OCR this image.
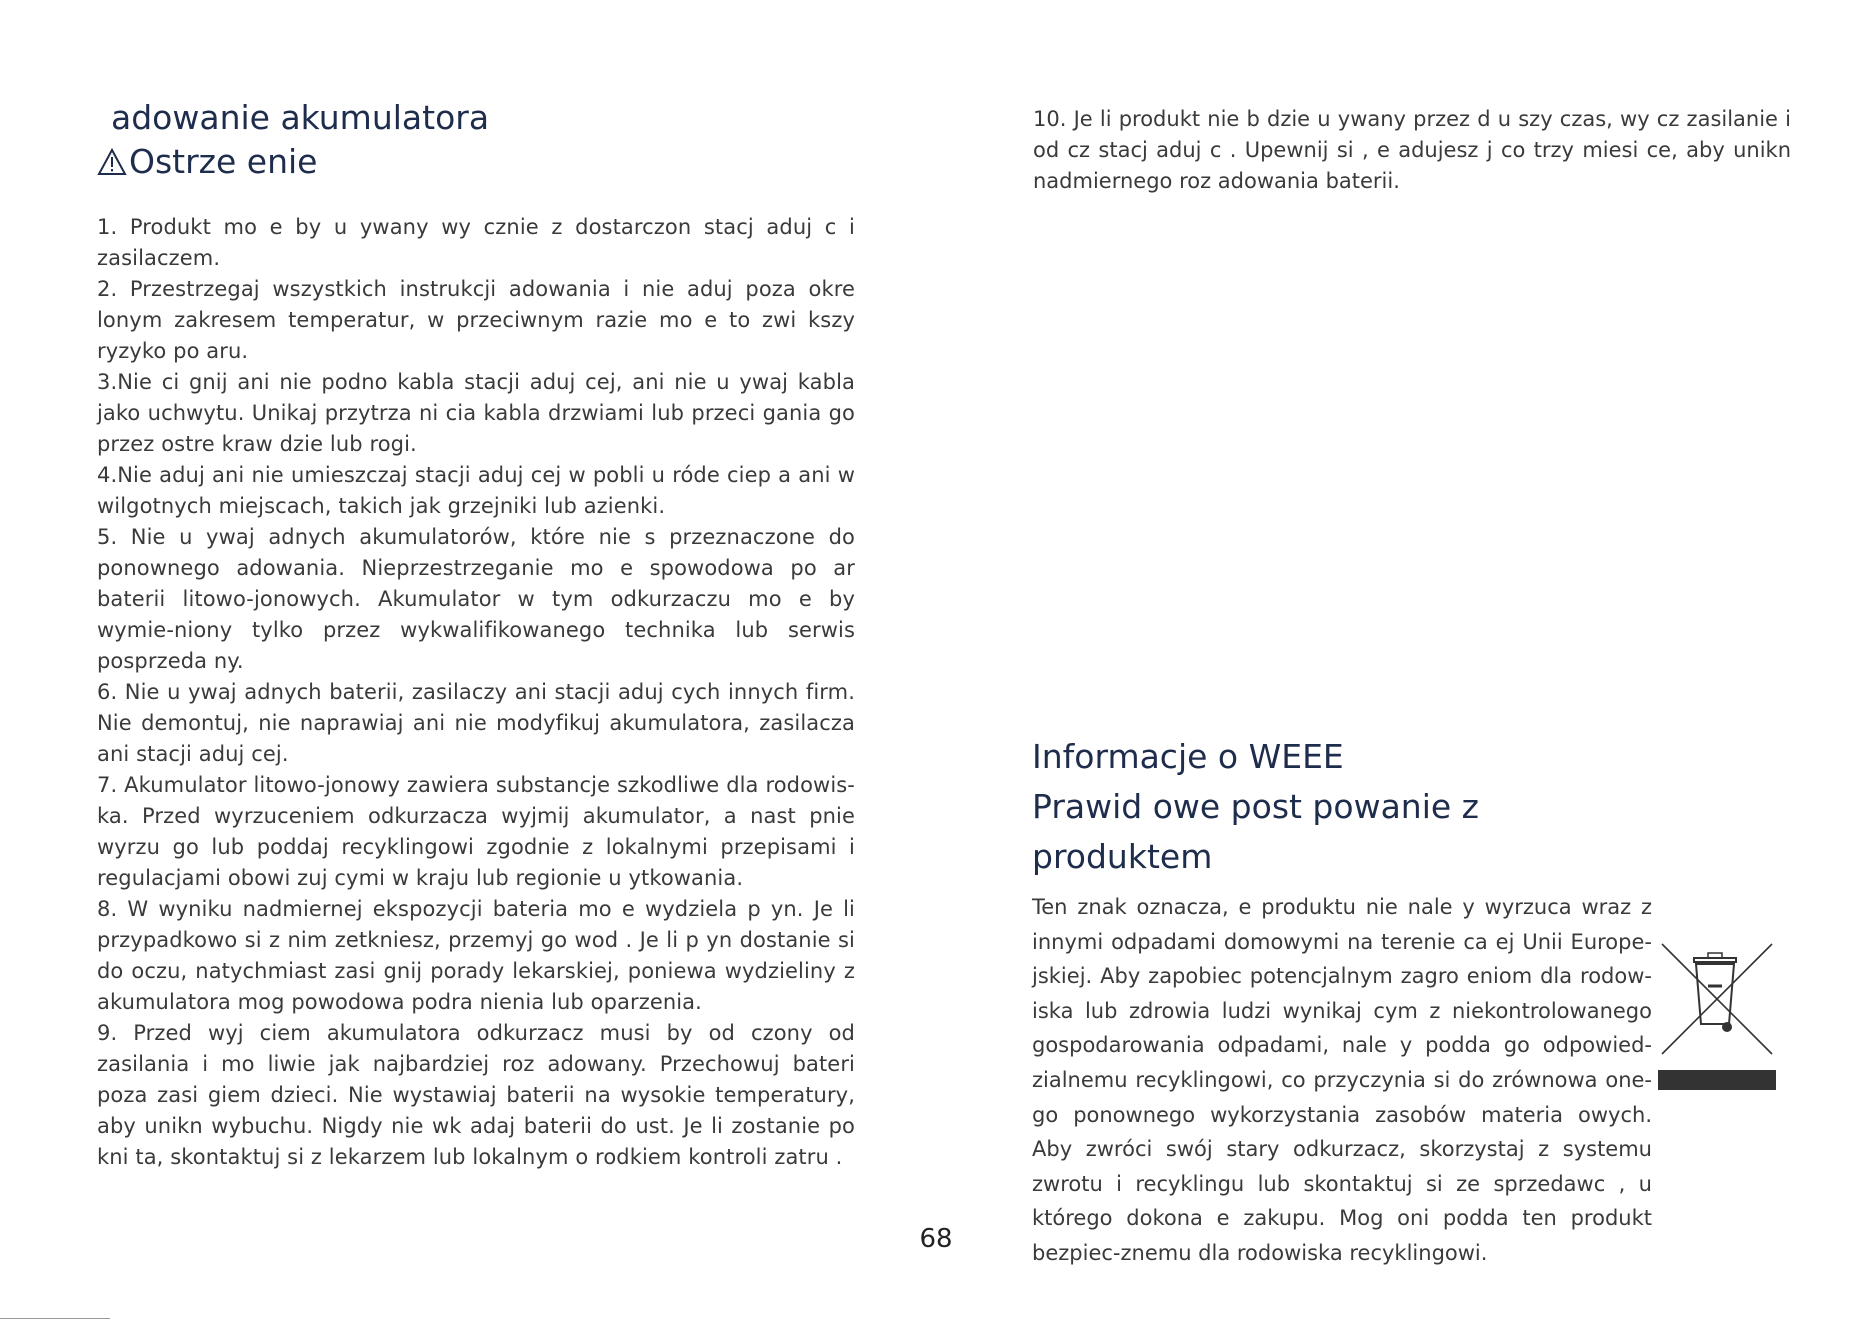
adowanie akumulatora
Ostrze enie

1. Produkt mo e by u ywany wy cznie z dostarczon stacj aduj c i zasilaczem.

2. Przestrzegaj wszystkich instrukcji adowania i nie aduj poza okre lonym zakresem temperatur, w przeciwnym razie mo e to zwi kszy ryzyko po aru.

3.Nie ci gnij ani nie podno kabla stacji aduj cej, ani nie u ywaj kabla jako uchwytu. Unikaj przytrza ni cia kabla drzwiami lub przeci gania go przez ostre kraw dzie lub rogi.

4.Nie aduj ani nie umieszczaj stacji aduj cej w pobli u róde ciep a ani w wilgotnych miejscach, takich jak grzejniki lub azienki.

5. Nie u ywaj adnych akumulatorów, które nie s przeznaczone do ponownego adowania. Nieprzestrzeganie mo e spowodowa po ar baterii litowo-jonowych. Akumulator w tym odkurzaczu mo e by wymie-niony tylko przez wykwalifikowanego technika lub serwis posprzeda ny.

6. Nie u ywaj adnych baterii, zasilaczy ani stacji aduj cych innych firm. Nie demontuj, nie naprawiaj ani nie modyfikuj akumulatora, zasilacza ani stacji aduj cej.

7. Akumulator litowo-jonowy zawiera substancje szkodliwe dla rodowis-ka. Przed wyrzuceniem odkurzacza wyjmij akumulator, a nast pnie wyrzu go lub poddaj recyklingowi zgodnie z lokalnymi przepisami i regulacjami obowi zuj cymi w kraju lub regionie u ytkowania.

8. W wyniku nadmiernej ekspozycji bateria mo e wydziela p yn. Je li przypadkowo si z nim zetkniesz, przemyj go wod . Je li p yn dostanie si do oczu, natychmiast zasi gnij porady lekarskiej, poniewa wydzieliny z akumulatora mog powodowa podra nienia lub oparzenia.

9. Przed wyj ciem akumulatora odkurzacz musi by od czony od zasilania i mo liwie jak najbardziej roz adowany. Przechowuj bateri poza zasi giem dzieci. Nie wystawiaj baterii na wysokie temperatury, aby unikn wybuchu. Nigdy nie wk adaj baterii do ust. Je li zostanie po kni ta, skontaktuj si z lekarzem lub lokalnym o rodkiem kontroli zatru .

10. Je li produkt nie b dzie u ywany przez d u szy czas, wy cz zasilanie i od cz stacj aduj c . Upewnij si , e adujesz j co trzy miesi ce, aby unikn nadmiernego roz adowania baterii.

Informacje o WEEE
Prawid owe post powanie z produktem

Ten znak oznacza, e produktu nie nale y wyrzuca wraz z innymi odpadami domowymi na terenie ca ej Unii Europe-jskiej. Aby zapobiec potencjalnym zagro eniom dla rodow-iska lub zdrowia ludzi wynikaj cym z niekontrolowanego gospodarowania odpadami, nale y podda go odpowied-zialnemu recyklingowi, co przyczynia si do zrównowa one-go ponownego wykorzystania zasobów materia owych. Aby zwróci swój stary odkurzacz, skorzystaj z systemu zwrotu i recyklingu lub skontaktuj si ze sprzedawc , u którego dokona e zakupu. Mog oni podda ten produkt bezpiec-znemu dla rodowiska recyklingowi.

68
